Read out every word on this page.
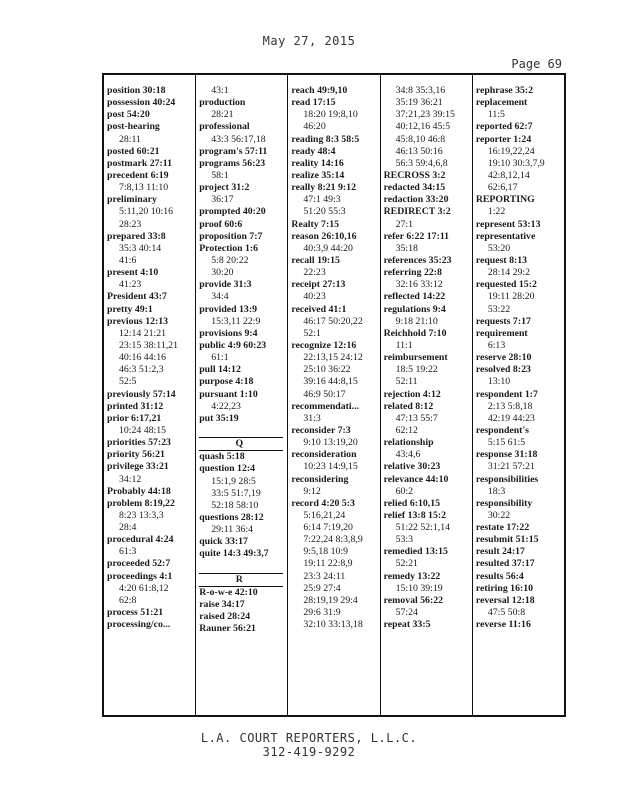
May 27, 2015
Page 69
position 30:18
possession 40:24
post 54:20
post-hearing
28:11
posted 60:21
postmark 27:11
precedent 6:19
7:8,13 11:10
preliminary
5:11,20 10:16
28:23
prepared 33:8
35:3 40:14
41:6
present 4:10
41:23
President 43:7
pretty 49:1
previous 12:13
12:14 21:21
23:15 38:11,21
40:16 44:16
46:3 51:2,3
52:5
previously 57:14
printed 31:12
prior 6:17,21
10:24 48:15
priorities 57:23
priority 56:21
privilege 33:21
34:12
Probably 44:18
problem 8:19,22
8:23 13:3,3
28:4
procedural 4:24
61:3
proceeded 52:7
proceedings 4:1
4:20 61:8,12
62:8
process 51:21
processing/co...
43:1
production
28:21
professional
43:3 56:17,18
program's 57:11
programs 56:23
58:1
project 31:2
36:17
prompted 40:20
proof 60:6
proposition 7:7
Protection 1:6
5:8 20:22
30:20
provide 31:3
34:4
provided 13:9
15:3,11 22:9
provisions 9:4
public 4:9 60:23
61:1
pull 14:12
purpose 4:18
pursuant 1:10
4:22,23
put 35:19
Q
quash 5:18
question 12:4
15:1,9 28:5
33:5 51:7,19
52:18 58:10
questions 28:12
29:11 36:4
quick 33:17
quite 14:3 49:3,7
R
R-o-w-e 42:10
raise 34:17
raised 28:24
Rauner 56:21
reach 49:9,10
read 17:15
18:20 19:8,10
46:20
reading 8:3 58:5
ready 48:4
reality 14:16
realize 35:14
really 8:21 9:12
47:1 49:3
51:20 55:3
Realty 7:15
reason 26:10,16
40:3,9 44:20
recall 19:15
22:23
receipt 27:13
40:23
received 41:1
46:17 50:20,22
52:1
recognize 12:16
22:13,15 24:12
25:10 36:22
39:16 44:8,15
46:9 50:17
recommendati...
31:3
reconsider 7:3
9:10 13:19,20
reconsideration
10:23 14:9,15
reconsidering
9:12
record 4:20 5:3
5:16,21,24
6:14 7:19,20
7:22,24 8:3,8,9
9:5,18 10:9
19:11 22:8,9
23:3 24:11
25:9 27:4
28:19,19 29:4
29:6 31:9
32:10 33:13,18
34:8 35:3,16
35:19 36:21
37:21,23 39:15
40:12,16 45:5
45:8,10 46:8
46:13 50:16
56:3 59:4,6,8
RECROSS 3:2
redacted 34:15
redaction 33:20
REDIRECT 3:2
27:1
refer 6:22 17:11
35:18
references 35:23
referring 22:8
32:16 33:12
reflected 14:22
regulations 9:4
9:18 21:10
Reichhold 7:10
11:1
reimbursement
18:5 19:22
52:11
rejection 4:12
related 8:12
47:13 55:7
62:12
relationship
43:4,6
relative 30:23
relevance 44:10
60:2
relied 6:10,15
relief 13:8 15:2
51:22 52:1,14
53:3
remedied 13:15
52:21
remedy 13:22
15:10 39:19
removal 56:22
57:24
repeat 33:5
rephrase 35:2
replacement
11:5
reported 62:7
reporter 1:24
16:19,22,24
19:10 30:3,7,9
42:8,12,14
62:6,17
REPORTING
1:22
represent 53:13
representative
53:20
request 8:13
28:14 29:2
requested 15:2
19:11 28:20
53:22
requests 7:17
requirement
6:13
reserve 28:10
resolved 8:23
13:10
respondent 1:7
2:13 5:8,18
42:19 44:23
respondent's
5:15 61:5
response 31:18
31:21 57:21
responsibilities
18:3
responsibility
30:22
restate 17:22
resubmit 51:15
result 24:17
resulted 37:17
results 56:4
retiring 16:10
reversal 12:18
47:5 50:8
reverse 11:16
L.A. COURT REPORTERS, L.L.C.
312-419-9292
